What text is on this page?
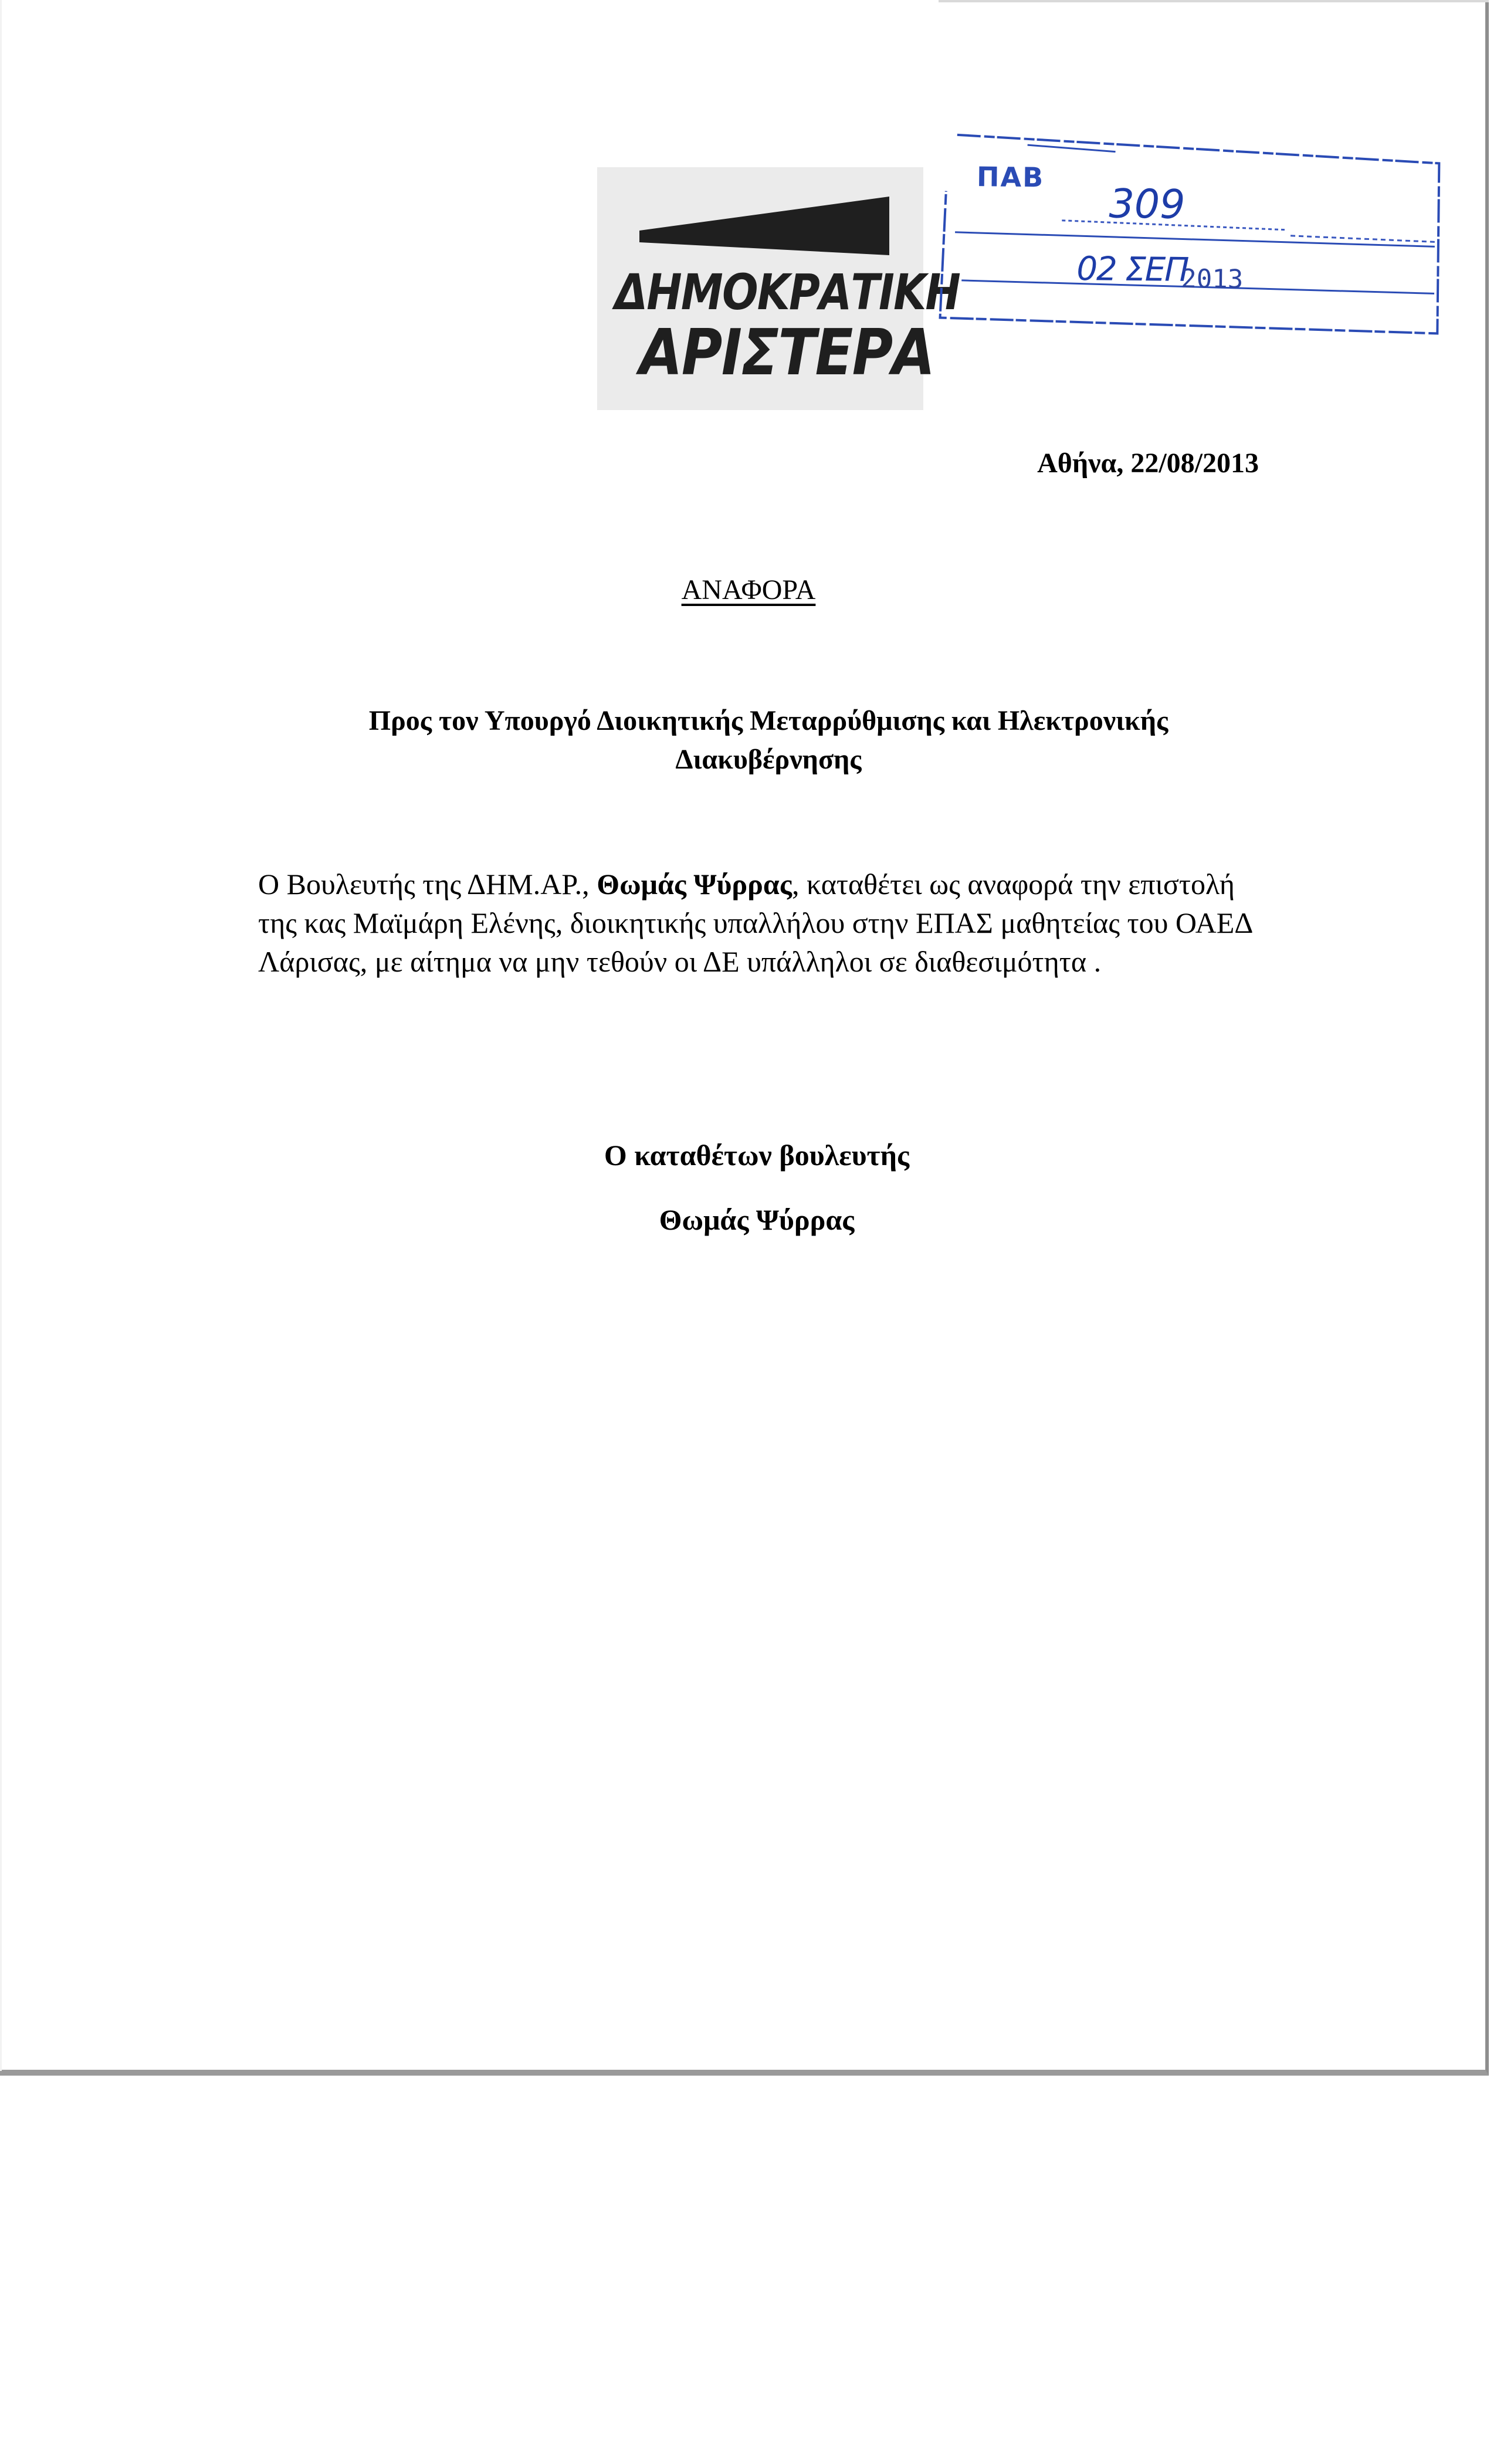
ΔΗΜΟΚΡΑΤΙΚΗ
ΑΡΙΣΤΕΡΑ
ΠΑΒ
309
02 ΣΕΠ
2013
Αθήνα, 22/08/2013
ΑΝΑΦΟΡΑ
Προς τον Υπουργό Διοικητικής Μεταρρύθμισης και Ηλεκτρονικής Διακυβέρνησης
Ο Βουλευτής της ΔΗΜ.ΑΡ., Θωμάς Ψύρρας, καταθέτει ως αναφορά την επιστολή της κας Μαϊμάρη Ελένης, διοικητικής υπαλλήλου στην ΕΠΑΣ μαθητείας του ΟΑΕΔ Λάρισας, με αίτημα να μην τεθούν οι ΔΕ υπάλληλοι σε διαθεσιμότητα .
Ο καταθέτων βουλευτής
Θωμάς Ψύρρας
